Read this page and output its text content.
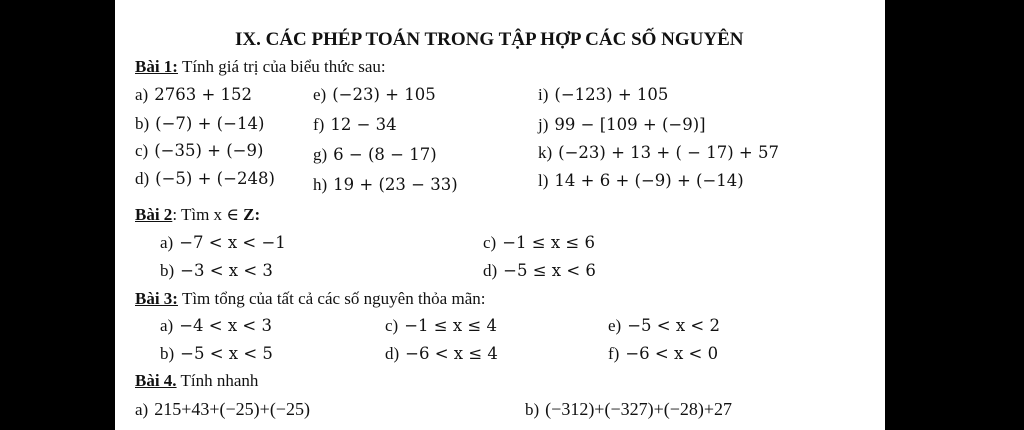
IX. CÁC PHÉP TOÁN TRONG TẬP HỢP CÁC SỐ NGUYÊN
Bài 1: Tính giá trị của biểu thức sau:
a) 2763 + 152
b) (−7) + (−14)
c) (−35) + (−9)
d) (−5) + (−248)
e) (−23) + 105
f) 12 − 34
g) 6 − (8 − 17)
h) 19 + (23 − 33)
i) (−123) + 105
j) 99 − [109 + (−9)]
k) (−23) + 13 + ( − 17) + 57
l) 14 + 6 + (−9) + (−14)
Bài 2: Tìm x ∈ Z:
a) −7 < x < −1
b) −3 < x < 3
c) −1 ≤ x ≤ 6
d) −5 ≤ x < 6
Bài 3: Tìm tổng của tất cả các số nguyên thỏa mãn:
a) −4 < x < 3
b) −5 < x < 5
c) −1 ≤ x ≤ 4
d) −6 < x ≤ 4
e) −5 < x < 2
f) −6 < x < 0
Bài 4. Tính nhanh
a) 215+43+(−25)+(−25)	b) (−312)+(−327)+(−28)+27
